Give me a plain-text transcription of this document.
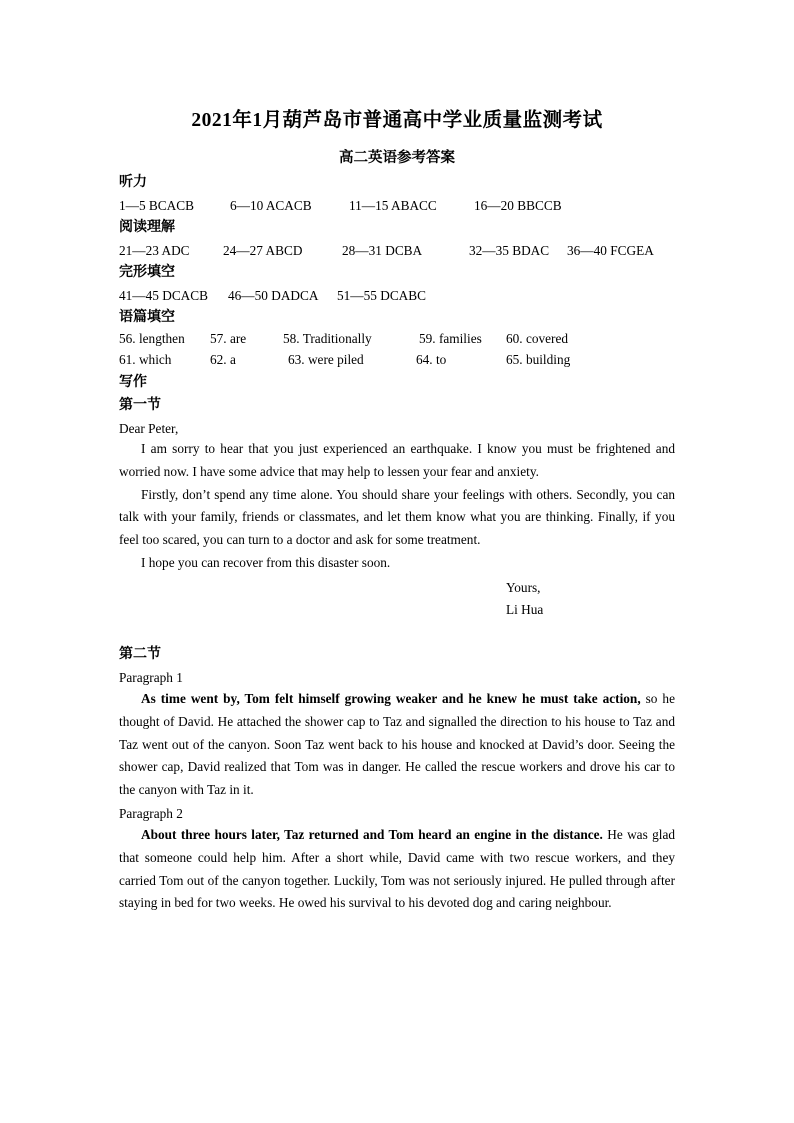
2021年1月葫芦岛市普通高中学业质量监测考试
高二英语参考答案
听力
1—5 BCACB	6—10 ACACB	11—15 ABACC	16—20 BBCCB
阅读理解
21—23 ADC	24—27 ABCD	28—31 DCBA	32—35 BDAC 36—40 FCGEA
完形填空
41—45 DCACB 46—50 DADCA 51—55 DCABC
语篇填空
56. lengthen 57. are	58. Traditionally	59. families 60. covered
61. which	62. a	63. were piled	64. to	65. building
写作
第一节
Dear Peter,

I am sorry to hear that you just experienced an earthquake. I know you must be frightened and worried now. I have some advice that may help to lessen your fear and anxiety.

Firstly, don’t spend any time alone. You should share your feelings with others. Secondly, you can talk with your family, friends or classmates, and let them know what you are thinking. Finally, if you feel too scared, you can turn to a doctor and ask for some treatment.

I hope you can recover from this disaster soon.

Yours,
Li Hua
第二节
Paragraph 1

As time went by, Tom felt himself growing weaker and he knew he must take action, so he thought of David. He attached the shower cap to Taz and signalled the direction to his house to Taz and Taz went out of the canyon. Soon Taz went back to his house and knocked at David’s door. Seeing the shower cap, David realized that Tom was in danger. He called the rescue workers and drove his car to the canyon with Taz in it.

Paragraph 2

About three hours later, Taz returned and Tom heard an engine in the distance. He was glad that someone could help him. After a short while, David came with two rescue workers, and they carried Tom out of the canyon together. Luckily, Tom was not seriously injured. He pulled through after staying in bed for two weeks. He owed his survival to his devoted dog and caring neighbour.
